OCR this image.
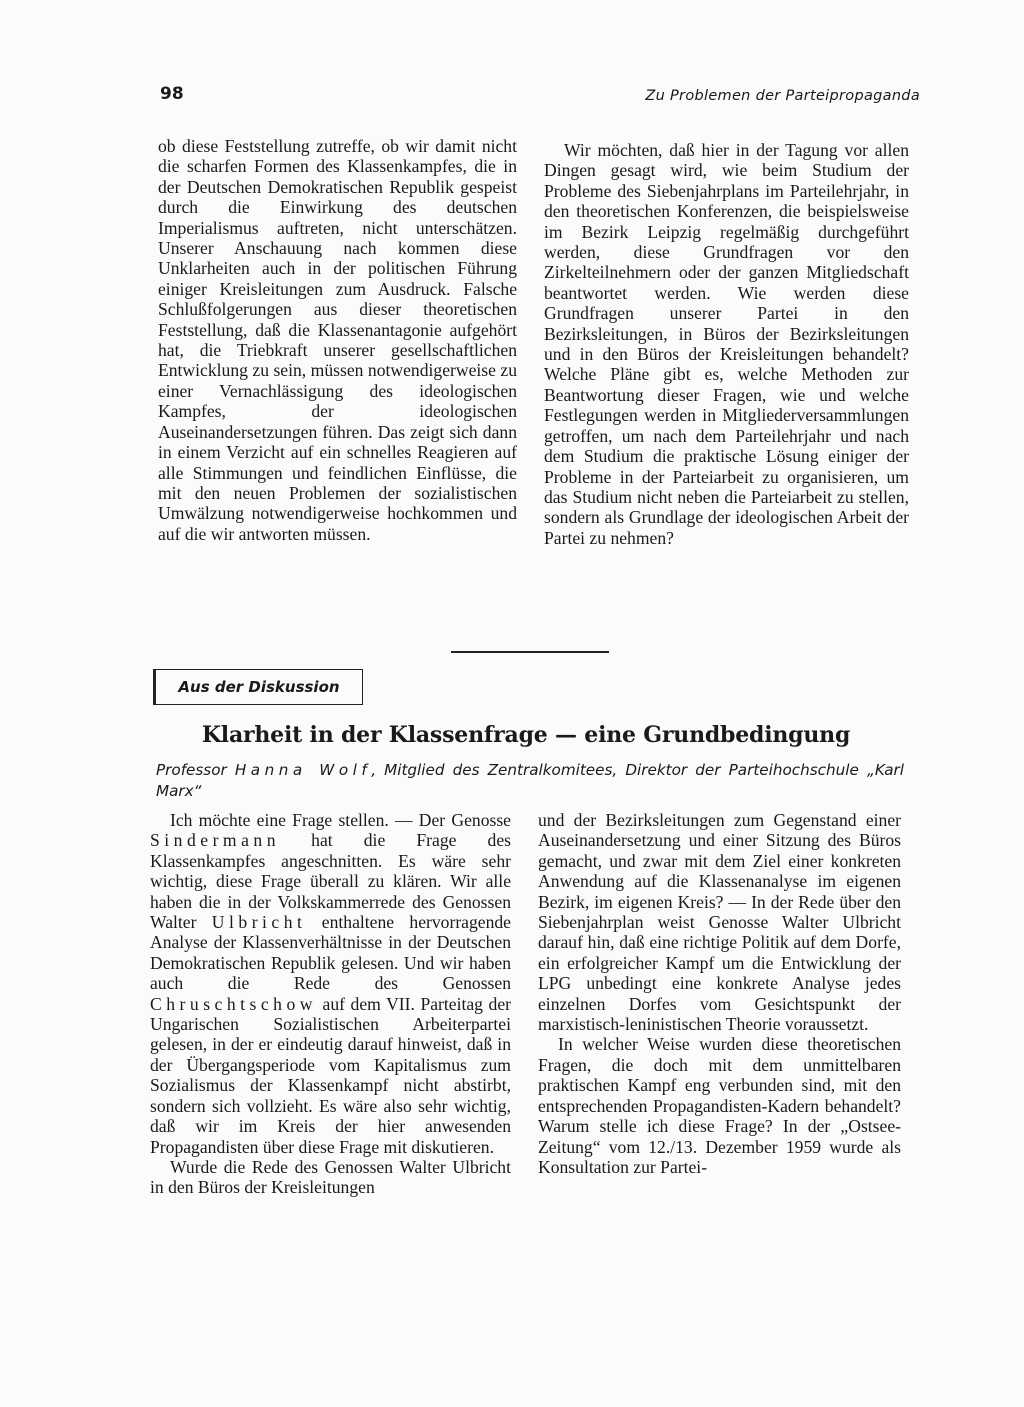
98	Zu Problemen der Parteipropaganda

ob diese Feststellung zutreffe, ob wir damit nicht die scharfen Formen des Klassenkampfes, die in der Deutschen Demokratischen Republik gespeist durch die Einwirkung des deutschen Imperialismus auftreten, nicht unterschätzen. Unserer Anschauung nach kommen diese Unklarheiten auch in der politischen Führung einiger Kreisleitungen zum Ausdruck. Falsche Schlußfolgerungen aus dieser theoretischen Feststellung, daß die Klassenantagonie aufgehört hat, die Triebkraft unserer gesellschaftlichen Entwicklung zu sein, müssen notwendigerweise zu einer Vernachlässigung des ideologischen Kampfes, der ideologischen Auseinandersetzungen führen. Das zeigt sich dann in einem Verzicht auf ein schnelles Reagieren auf alle Stimmungen und feindlichen Einflüsse, die mit den neuen Problemen der sozialistischen Umwälzung notwendigerweise hochkommen und auf die wir antworten müssen.

Wir möchten, daß hier in der Tagung vor allen Dingen gesagt wird, wie beim Studium der Probleme des Siebenjahrplans im Parteilehrjahr, in den theoretischen Konferenzen, die beispielsweise im Bezirk Leipzig regelmäßig durchgeführt werden, diese Grundfragen vor den Zirkelteilnehmern oder der ganzen Mitgliedschaft beantwortet werden. Wie werden diese Grundfragen unserer Partei in den Bezirksleitungen, in Büros der Bezirksleitungen und in den Büros der Kreisleitungen behandelt? Welche Pläne gibt es, welche Methoden zur Beantwortung dieser Fragen, wie und welche Festlegungen werden in Mitgliederversammlungen getroffen, um nach dem Parteilehrjahr und nach dem Studium die praktische Lösung einiger der Probleme in der Parteiarbeit zu organisieren, um das Studium nicht neben die Parteiarbeit zu stellen, sondern als Grundlage der ideologischen Arbeit der Partei zu nehmen?

Aus der Diskussion
Klarheit in der Klassenfrage — eine Grundbedingung
Professor Hanna Wolf, Mitglied des Zentralkomitees, Direktor der Parteihochschule „Karl Marx“

Ich möchte eine Frage stellen. — Der Genosse Sindermann hat die Frage des Klassenkampfes angeschnitten. Es wäre sehr wichtig, diese Frage überall zu klären. Wir alle haben die in der Volkskammerrede des Genossen Walter Ulbricht enthaltene hervorragende Analyse der Klassenverhältnisse in der Deutschen Demokratischen Republik gelesen. Und wir haben auch die Rede des Genossen Chruschtschow auf dem VII. Parteitag der Ungarischen Sozialistischen Arbeiterpartei gelesen, in der er eindeutig darauf hinweist, daß in der Übergangsperiode vom Kapitalismus zum Sozialismus der Klassenkampf nicht abstirbt, sondern sich vollzieht. Es wäre also sehr wichtig, daß wir im Kreis der hier anwesenden Propagandisten über diese Frage mit diskutieren.

Wurde die Rede des Genossen Walter Ulbricht in den Büros der Kreisleitungen

und der Bezirksleitungen zum Gegenstand einer Auseinandersetzung und einer Sitzung des Büros gemacht, und zwar mit dem Ziel einer konkreten Anwendung auf die Klassenanalyse im eigenen Bezirk, im eigenen Kreis? — In der Rede über den Siebenjahrplan weist Genosse Walter Ulbricht darauf hin, daß eine richtige Politik auf dem Dorfe, ein erfolgreicher Kampf um die Entwicklung der LPG unbedingt eine konkrete Analyse jedes einzelnen Dorfes vom Gesichtspunkt der marxistisch-leninistischen Theorie voraussetzt.

In welcher Weise wurden diese theoretischen Fragen, die doch mit dem unmittelbaren praktischen Kampf eng verbunden sind, mit den entsprechenden Propagandisten-Kadern behandelt? Warum stelle ich diese Frage? In der „Ostsee-Zeitung“ vom 12./13. Dezember 1959 wurde als Konsultation zur Partei-
